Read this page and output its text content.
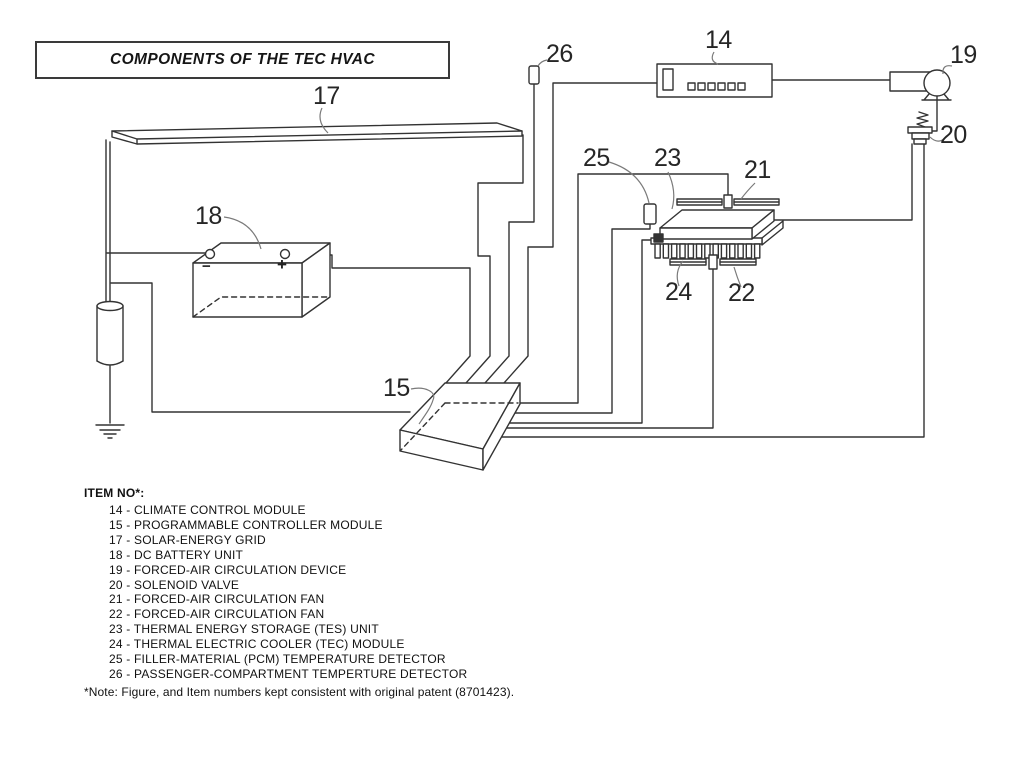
COMPONENTS OF THE TEC HVAC
14
15
17
18
19
20
21
22
23
24
25
26
−	+
ITEM NO*:
14 - CLIMATE CONTROL MODULE
15 - PROGRAMMABLE CONTROLLER MODULE
17 - SOLAR-ENERGY GRID
18 - DC BATTERY UNIT
19 - FORCED-AIR CIRCULATION DEVICE
20 - SOLENOID VALVE
21 - FORCED-AIR CIRCULATION FAN
22 - FORCED-AIR CIRCULATION FAN
23 - THERMAL ENERGY STORAGE (TES) UNIT
24 - THERMAL ELECTRIC COOLER (TEC) MODULE
25 - FILLER-MATERIAL (PCM) TEMPERATURE DETECTOR
26 - PASSENGER-COMPARTMENT TEMPERTURE DETECTOR
*Note: Figure, and Item numbers kept consistent with original patent (8701423).
